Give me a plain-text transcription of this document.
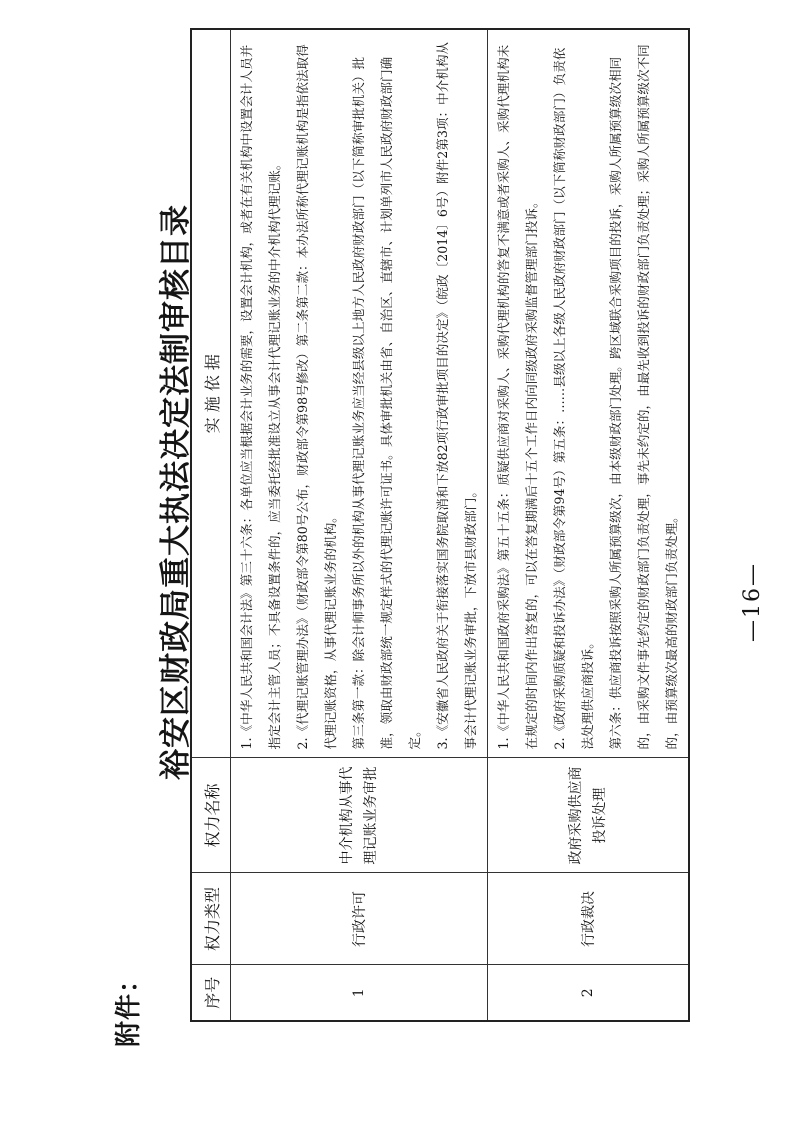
附件：
裕安区财政局重大执法决定法制审核目录
序号	权力类型	权力名称	实 施 依 据
1	行政许可	中介机构从事代理记账业务审批	1.《中华人民共和国会计法》第三十六条：各单位应当根据会计业务的需要，设置会计机构，或者在有关机构中设置会计人员并指定会计主管人员；不具备设置条件的，应当委托经批准设立从事会计代理记账业务的中介机构代理记账。 2.《代理记账管理办法》（财政部令第80号公布，财政部令第98号修改）第二条第二款：本办法所称代理记账机构是指依法取得代理记账资格，从事代理记账业务的机构。 第三条第一款：除会计师事务所以外的机构从事代理记账业务应当经县级以上地方人民政府财政部门（以下简称审批机关）批准，领取由财政部统一规定样式的代理记账许可证书。具体审批机关由省、自治区、直辖市、计划单列市人民政府财政部门确定。 3.《安徽省人民政府关于衔接落实国务院取消和下放82项行政审批项目的决定》（皖政〔2014〕6号）附件2第3项：中介机构从事会计代理记账业务审批，下放市县财政部门。

2	行政裁决	政府采购供应商投诉处理	1.《中华人民共和国政府采购法》第五十五条：质疑供应商对采购人、采购代理机构的答复不满意或者采购人、采购代理机构未在规定的时间内作出答复的，可以在答复期满后十五个工作日内向同级政府采购监督管理部门投诉。 2.《政府采购质疑和投诉办法》（财政部令第94号）第五条：……县级以上各级人民政府财政部门（以下简称财政部门）负责依法处理供应商投诉。 第六条：供应商投诉按照采购人所属预算级次，由本级财政部门处理。跨区域联合采购项目的投诉，采购人所属预算级次相同的，由采购文件事先约定的财政部门负责处理，事先未约定的，由最先收到投诉的财政部门负责处理；采购人所属预算级次不同的，由预算级次最高的财政部门负责处理。	—16—
